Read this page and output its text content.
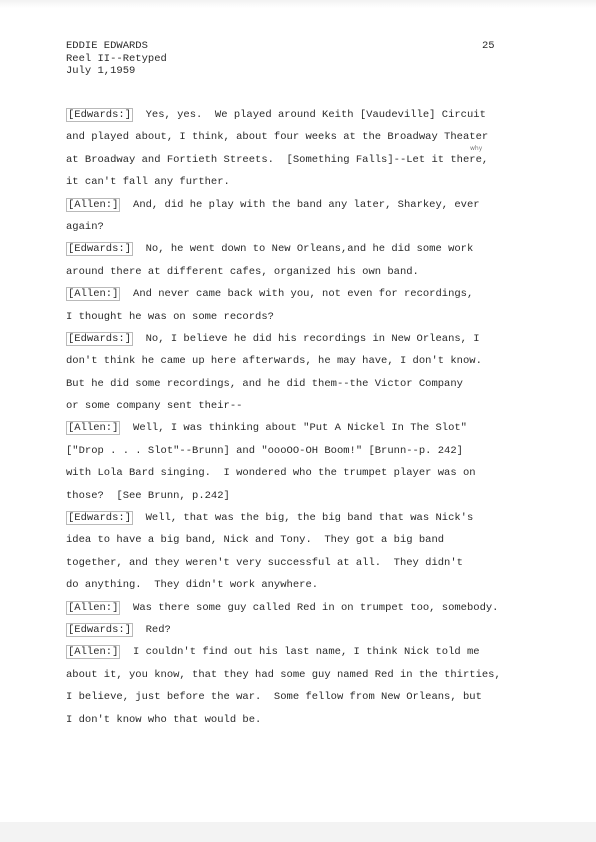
EDDIE EDWARDS
Reel II--Retyped
July 1,1959
25
why
[Edwards:]  Yes, yes.  We played around Keith [Vaudeville] Circuit
and played about, I think, about four weeks at the Broadway Theater
at Broadway and Fortieth Streets.  [Something Falls]--Let it there,
it can't fall any further.
[Allen:]  And, did he play with the band any later, Sharkey, ever
again?
[Edwards:]  No, he went down to New Orleans,and he did some work
around there at different cafes, organized his own band.
[Allen:]  And never came back with you, not even for recordings,
I thought he was on some records?
[Edwards:]  No, I believe he did his recordings in New Orleans, I
don't think he came up here afterwards, he may have, I don't know.
But he did some recordings, and he did them--the Victor Company
or some company sent their--
[Allen:]  Well, I was thinking about "Put A Nickel In The Slot"
["Drop . . . Slot"--Brunn] and "oooOO-OH Boom!" [Brunn--p. 242]
with Lola Bard singing.  I wondered who the trumpet player was on
those?  [See Brunn, p.242]
[Edwards:]  Well, that was the big, the big band that was Nick's
idea to have a big band, Nick and Tony.  They got a big band
together, and they weren't very successful at all.  They didn't
do anything.  They didn't work anywhere.
[Allen:]  Was there some guy called Red in on trumpet too, somebody.
[Edwards:]  Red?
[Allen:]  I couldn't find out his last name, I think Nick told me
about it, you know, that they had some guy named Red in the thirties,
I believe, just before the war.  Some fellow from New Orleans, but
I don't know who that would be.
